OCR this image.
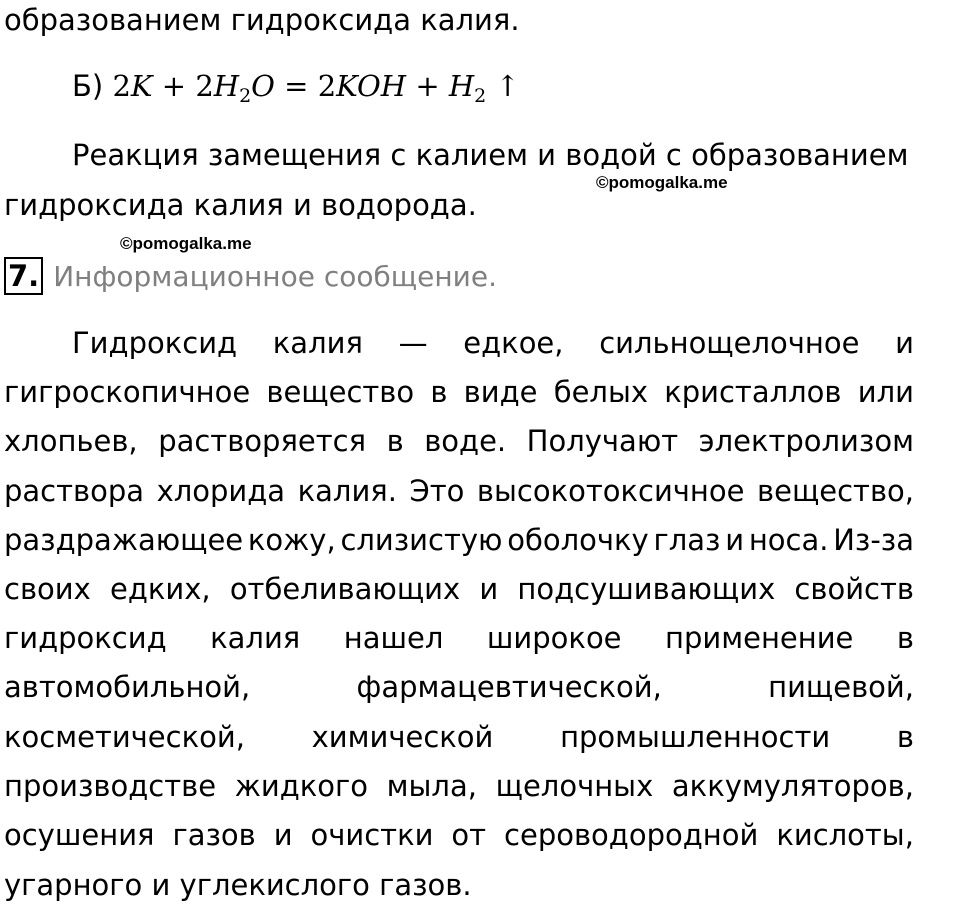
образованием гидроксида калия.
Б) $2K + 2H_2O = 2KOH + H_2$ ↑
Реакция замещения с калием и водой с образованием
©pomogalka.me
гидроксида калия и водорода.
©pomogalka.me
7. Информационное сообщение.
Гидроксид калия — едкое, сильнощелочное и
гигроскопичное вещество в виде белых кристаллов или
хлопьев, растворяется в воде. Получают электролизом
раствора хлорида калия. Это высокотоксичное вещество,
раздражающее кожу, слизистую оболочку глаз и носа. Из-за
своих едких, отбеливающих и подсушивающих свойств
гидроксид калия нашел широкое применение в
автомобильной,	фармацевтической,	пищевой,
косметической, химической промышленности в
производстве жидкого мыла, щелочных аккумуляторов,
осушения газов и очистки от сероводородной кислоты,
угарного и углекислого газов.
